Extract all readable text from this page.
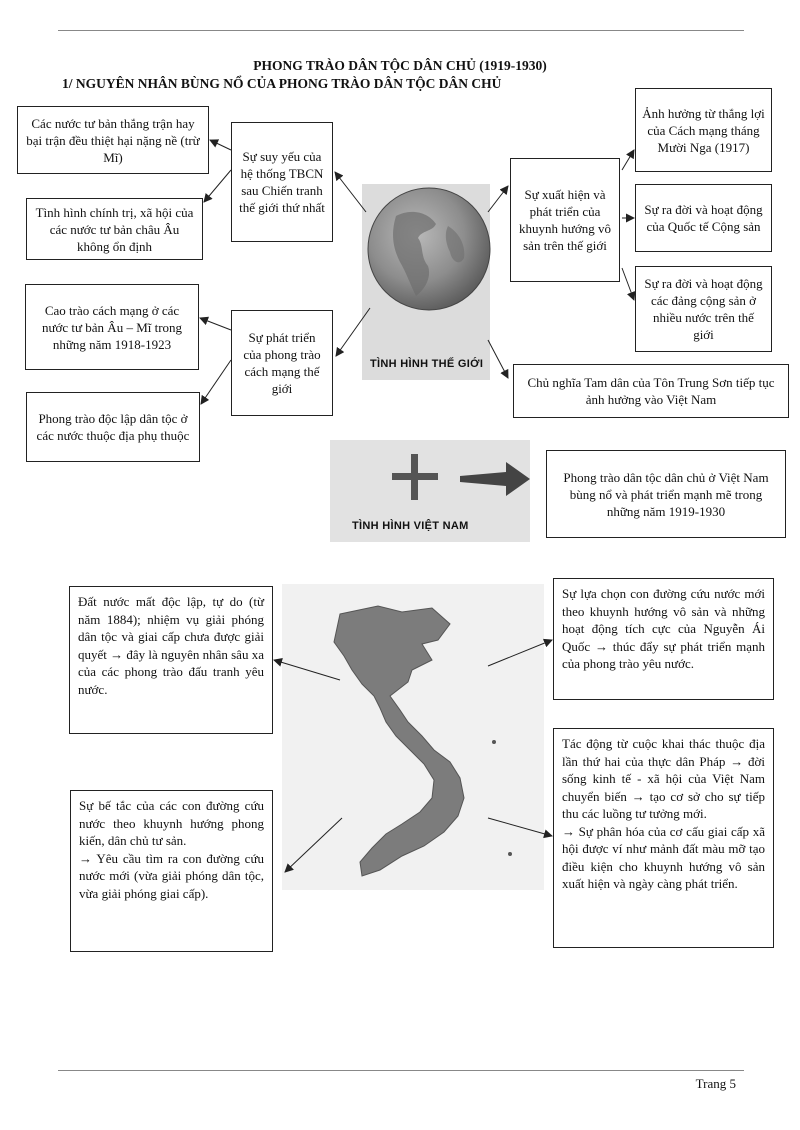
PHONG TRÀO DÂN TỘC DÂN CHỦ (1919-1930)
1/ NGUYÊN NHÂN BÙNG NỔ CỦA PHONG TRÀO DÂN TỘC DÂN CHỦ
TÌNH HÌNH THẾ GIỚI
Các nước tư bản thắng trận hay bại trận đều thiệt hại nặng nề (trừ Mĩ)
Tình hình chính trị, xã hội của các nước tư bản châu Âu không ổn định
Cao trào cách mạng ở các nước tư bản Âu – Mĩ trong những năm 1918-1923
Phong trào độc lập dân tộc ở các nước thuộc địa phụ thuộc
Sự suy yếu của hệ thống TBCN sau Chiến tranh thế giới thứ nhất
Sự phát triển của phong trào cách mạng thế giới
Sự xuất hiện và phát triển của khuynh hướng vô sản trên thế giới
Ảnh hưởng từ thắng lợi của Cách mạng tháng Mười Nga (1917)
Sự ra đời và hoạt động của Quốc tế Cộng sản
Sự ra đời và hoạt động các đảng cộng sản ở nhiều nước trên thế giới
Chủ nghĩa Tam dân của Tôn Trung Sơn tiếp tục ảnh hưởng vào Việt Nam
TÌNH HÌNH VIỆT NAM
Phong trào dân tộc dân chủ ở Việt Nam bùng nổ và phát triển mạnh mẽ trong những năm 1919-1930
Đất nước mất độc lập, tự do (từ năm 1884); nhiệm vụ giải phóng dân tộc và giai cấp chưa được giải quyết → đây là nguyên nhân sâu xa của các phong trào đấu tranh yêu nước.
Sự bế tắc của các con đường cứu nước theo khuynh hướng phong kiến, dân chủ tư sản.
→ Yêu cầu tìm ra con đường cứu nước mới (vừa giải phóng dân tộc, vừa giải phóng giai cấp).
Sự lựa chọn con đường cứu nước mới theo khuynh hướng vô sản và những hoạt động tích cực của Nguyễn Ái Quốc → thúc đẩy sự phát triển mạnh của phong trào yêu nước.
Tác động từ cuộc khai thác thuộc địa lần thứ hai của thực dân Pháp → đời sống kinh tế - xã hội của Việt Nam chuyển biến → tạo cơ sở cho sự tiếp thu các luồng tư tưởng mới.
→ Sự phân hóa của cơ cấu giai cấp xã hội được ví như mảnh đất màu mỡ tạo điều kiện cho khuynh hướng vô sản xuất hiện và ngày càng phát triển.
Trang 5
